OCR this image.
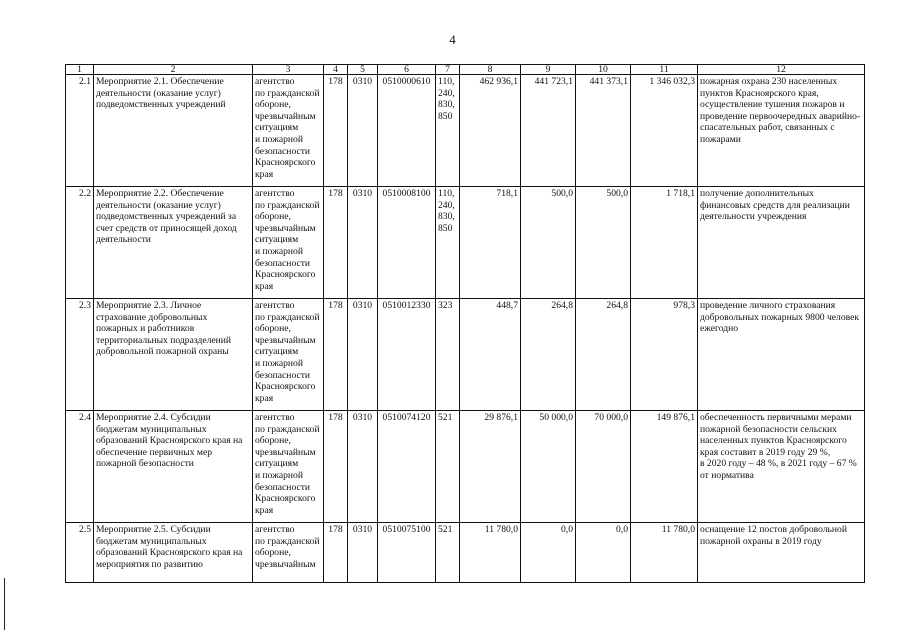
4
1	2	3	4	5	6	7	8	9	10	11	12
2.1	Мероприятие 2.1. Обеспечение деятельности (оказание услуг) подведомственных учреждений	агентство
по гражданской обороне,
чрезвычайным ситуациям
и пожарной безопасности Красноярского края	178	0310	0510000610	110,
240,
830,
850	462 936,1	441 723,1	441 373,1	1 346 032,3	пожарная охрана 230 населенных пунктов Красноярского края, осуществление тушения пожаров и проведение первоочередных аварийно-спасательных работ, связанных с пожарами
2.2	Мероприятие 2.2. Обеспечение деятельности (оказание услуг) подведомственных учреждений за счет средств от приносящей доход деятельности	агентство
по гражданской обороне,
чрезвычайным ситуациям
и пожарной безопасности Красноярского края	178	0310	0510008100	110,
240,
830,
850	718,1	500,0	500,0	1 718,1	получение дополнительных финансовых средств для реализации деятельности учреждения
2.3	Мероприятие 2.3. Личное страхование добровольных пожарных и работников территориальных подразделений добровольной пожарной охраны	агентство
по гражданской обороне,
чрезвычайным ситуациям
и пожарной безопасности Красноярского края	178	0310	0510012330	323	448,7	264,8	264,8	978,3	проведение личного страхования добровольных пожарных 9800 человек ежегодно
2.4	Мероприятие 2.4. Субсидии бюджетам муниципальных образований Красноярского края на обеспечение первичных мер пожарной безопасности	агентство
по гражданской обороне,
чрезвычайным ситуациям
и пожарной безопасности Красноярского края	178	0310	0510074120	521	29 876,1	50 000,0	70 000,0	149 876,1	обеспеченность первичными мерами пожарной безопасности сельских населенных пунктов Красноярского края составит в 2019 году 29 %,
в 2020 году – 48 %, в 2021 году – 67 % от норматива
2.5	Мероприятие 2.5. Субсидии бюджетам муниципальных образований Красноярского края на мероприятия по развитию	агентство
по гражданской обороне,
чрезвычайным	178	0310	0510075100	521	11 780,0	0,0	0,0	11 780,0	оснащение 12 постов добровольной пожарной охраны в 2019 году
